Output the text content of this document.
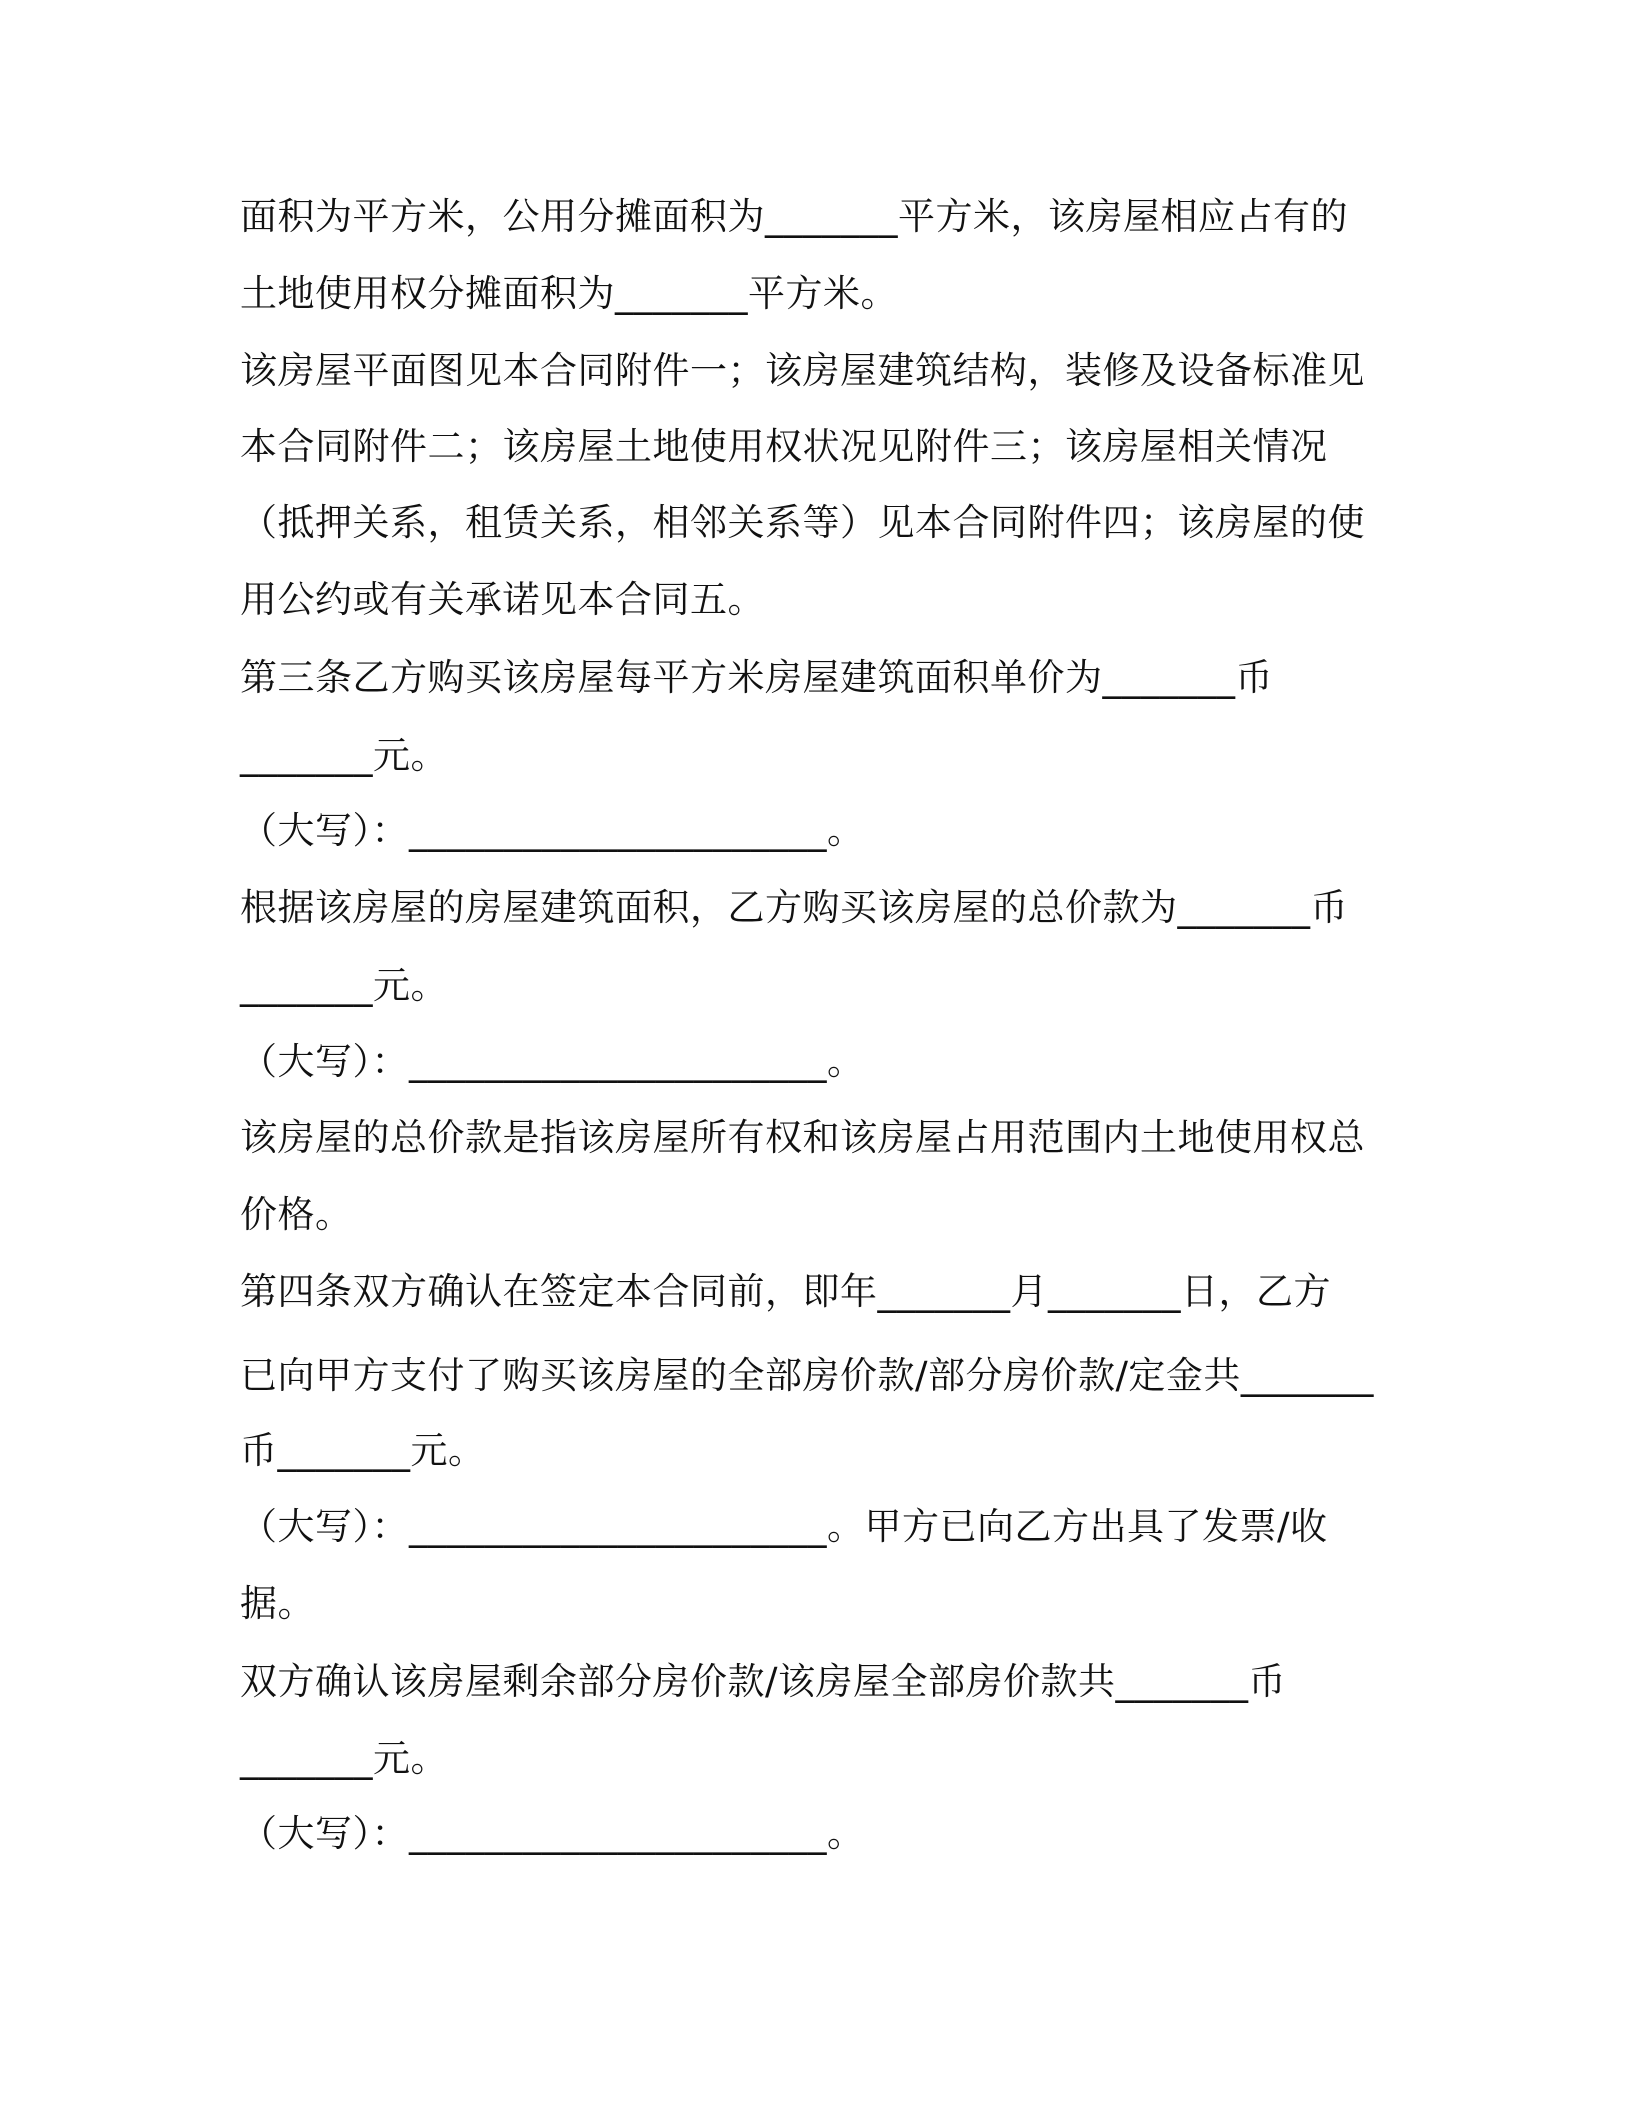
面积为平方米，公用分摊面积为_______平方米，该房屋相应占有的

土地使用权分摊面积为_______平方米。

该房屋平面图见本合同附件一；该房屋建筑结构，装修及设备标准见

本合同附件二；该房屋土地使用权状况见附件三；该房屋相关情况

（抵押关系，租赁关系，相邻关系等）见本合同附件四；该房屋的使

用公约或有关承诺见本合同五。

第三条乙方购买该房屋每平方米房屋建筑面积单价为_______币

_______元。

（大写）：______________________。

根据该房屋的房屋建筑面积，乙方购买该房屋的总价款为_______币

_______元。

（大写）：______________________。

该房屋的总价款是指该房屋所有权和该房屋占用范围内土地使用权总

价格。

第四条双方确认在签定本合同前，即年_______月_______日，乙方

已向甲方支付了购买该房屋的全部房价款/部分房价款/定金共_______

币_______元。

（大写）：______________________。甲方已向乙方出具了发票/收

据。

双方确认该房屋剩余部分房价款/该房屋全部房价款共_______币

_______元。

（大写）：______________________。
